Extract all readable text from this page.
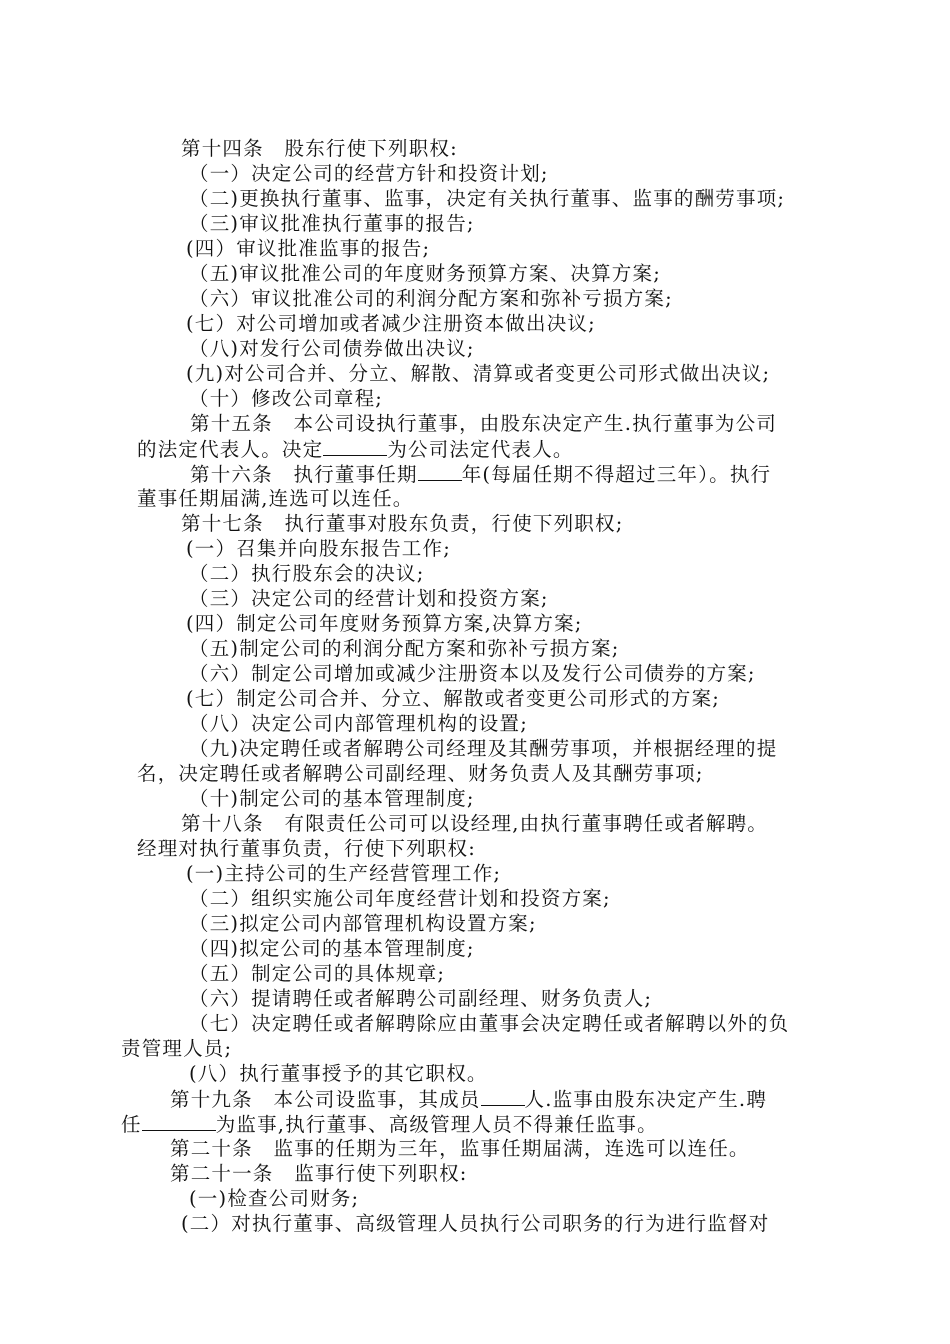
第十四条　股东行使下列职权:
（一）决定公司的经营方针和投资计划;
（二)更换执行董事、监事，决定有关执行董事、监事的酬劳事项;
（三)审议批准执行董事的报告;
(四）审议批准监事的报告;
（五)审议批准公司的年度财务预算方案、决算方案;
（六）审议批准公司的利润分配方案和弥补亏损方案;
(七）对公司增加或者减少注册资本做出决议;
（八)对发行公司债券做出决议;
(九)对公司合并、分立、解散、清算或者变更公司形式做出决议;
（十）修改公司章程;
第十五条　本公司设执行董事，由股东决定产生.执行董事为公司
的法定代表人。决定	为公司法定代表人。
第十六条　执行董事任期 年(每届任期不得超过三年）。执行
董事任期届满,连选可以连任。
第十七条　执行董事对股东负责，行使下列职权;
(一）召集并向股东报告工作;
（二）执行股东会的决议;
（三）决定公司的经营计划和投资方案;
(四）制定公司年度财务预算方案,决算方案;
（五)制定公司的利润分配方案和弥补亏损方案;
（六）制定公司增加或减少注册资本以及发行公司债券的方案;
(七）制定公司合并、分立、解散或者变更公司形式的方案;
（八）决定公司内部管理机构的设置;
（九)决定聘任或者解聘公司经理及其酬劳事项，并根据经理的提
名，决定聘任或者解聘公司副经理、财务负责人及其酬劳事项;
（十)制定公司的基本管理制度;
第十八条　有限责任公司可以设经理,由执行董事聘任或者解聘。
经理对执行董事负责，行使下列职权:
(一)主持公司的生产经营管理工作;
（二）组织实施公司年度经营计划和投资方案;
（三)拟定公司内部管理机构设置方案;
（四)拟定公司的基本管理制度;
（五）制定公司的具体规章;
（六）提请聘任或者解聘公司副经理、财务负责人;
（七）决定聘任或者解聘除应由董事会决定聘任或者解聘以外的负
责管理人员;
(八）执行董事授予的其它职权。
第十九条　本公司设监事，其成员 人.监事由股东决定产生.聘
任	为监事,执行董事、高级管理人员不得兼任监事。
第二十条　监事的任期为三年，监事任期届满，连选可以连任。
第二十一条　监事行使下列职权:
(一)检查公司财务;
(二）对执行董事、高级管理人员执行公司职务的行为进行监督对
